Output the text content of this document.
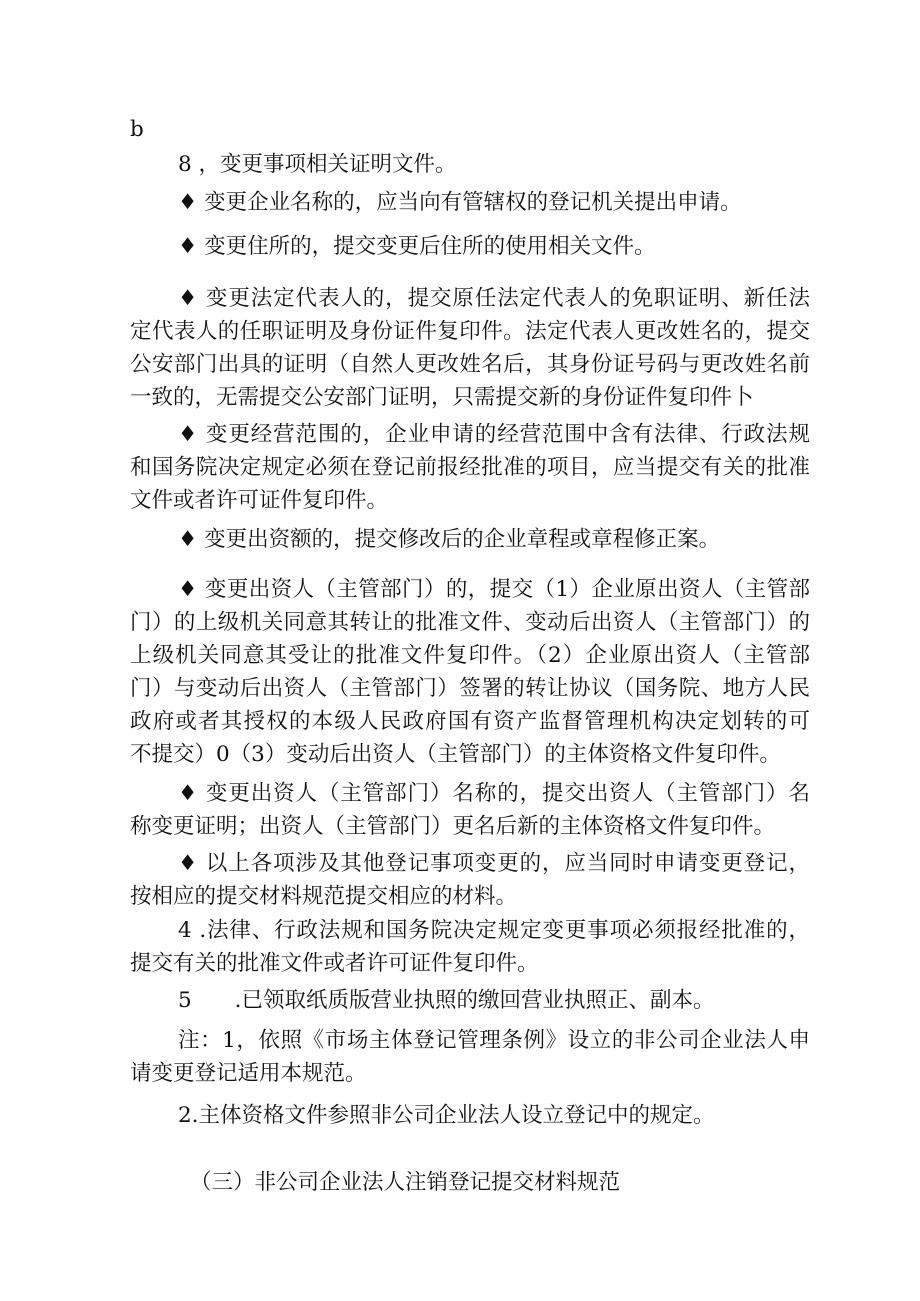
b
8 ，变更事项相关证明文件。
♦ 变更企业名称的，应当向有管辖权的登记机关提出申请。
♦ 变更住所的，提交变更后住所的使用相关文件。
♦ 变更法定代表人的，提交原任法定代表人的免职证明、新任法
定代表人的任职证明及身份证件复印件。法定代表人更改姓名的，提交
公安部门出具的证明（自然人更改姓名后，其身份证号码与更改姓名前
一致的，无需提交公安部门证明，只需提交新的身份证件复印件卜
♦ 变更经营范围的，企业申请的经营范围中含有法律、行政法规
和国务院决定规定必须在登记前报经批准的项目，应当提交有关的批准
文件或者许可证件复印件。
♦ 变更出资额的，提交修改后的企业章程或章程修正案。
♦ 变更出资人（主管部门）的，提交（1）企业原出资人（主管部
门）的上级机关同意其转让的批准文件、变动后出资人（主管部门）的
上级机关同意其受让的批准文件复印件。（2）企业原出资人（主管部
门）与变动后出资人（主管部门）签署的转让协议（国务院、地方人民
政府或者其授权的本级人民政府国有资产监督管理机构决定划转的可
不提交）0（3）变动后出资人（主管部门）的主体资格文件复印件。
♦ 变更出资人（主管部门）名称的，提交出资人（主管部门）名
称变更证明；出资人（主管部门）更名后新的主体资格文件复印件。
♦ 以上各项涉及其他登记事项变更的，应当同时申请变更登记，
按相应的提交材料规范提交相应的材料。
4 .法律、行政法规和国务院决定规定变更事项必须报经批准的，
提交有关的批准文件或者许可证件复印件。
5　　.已领取纸质版营业执照的缴回营业执照正、副本。
注：1，依照《市场主体登记管理条例》设立的非公司企业法人申
请变更登记适用本规范。
2.主体资格文件参照非公司企业法人设立登记中的规定。
（三）非公司企业法人注销登记提交材料规范
